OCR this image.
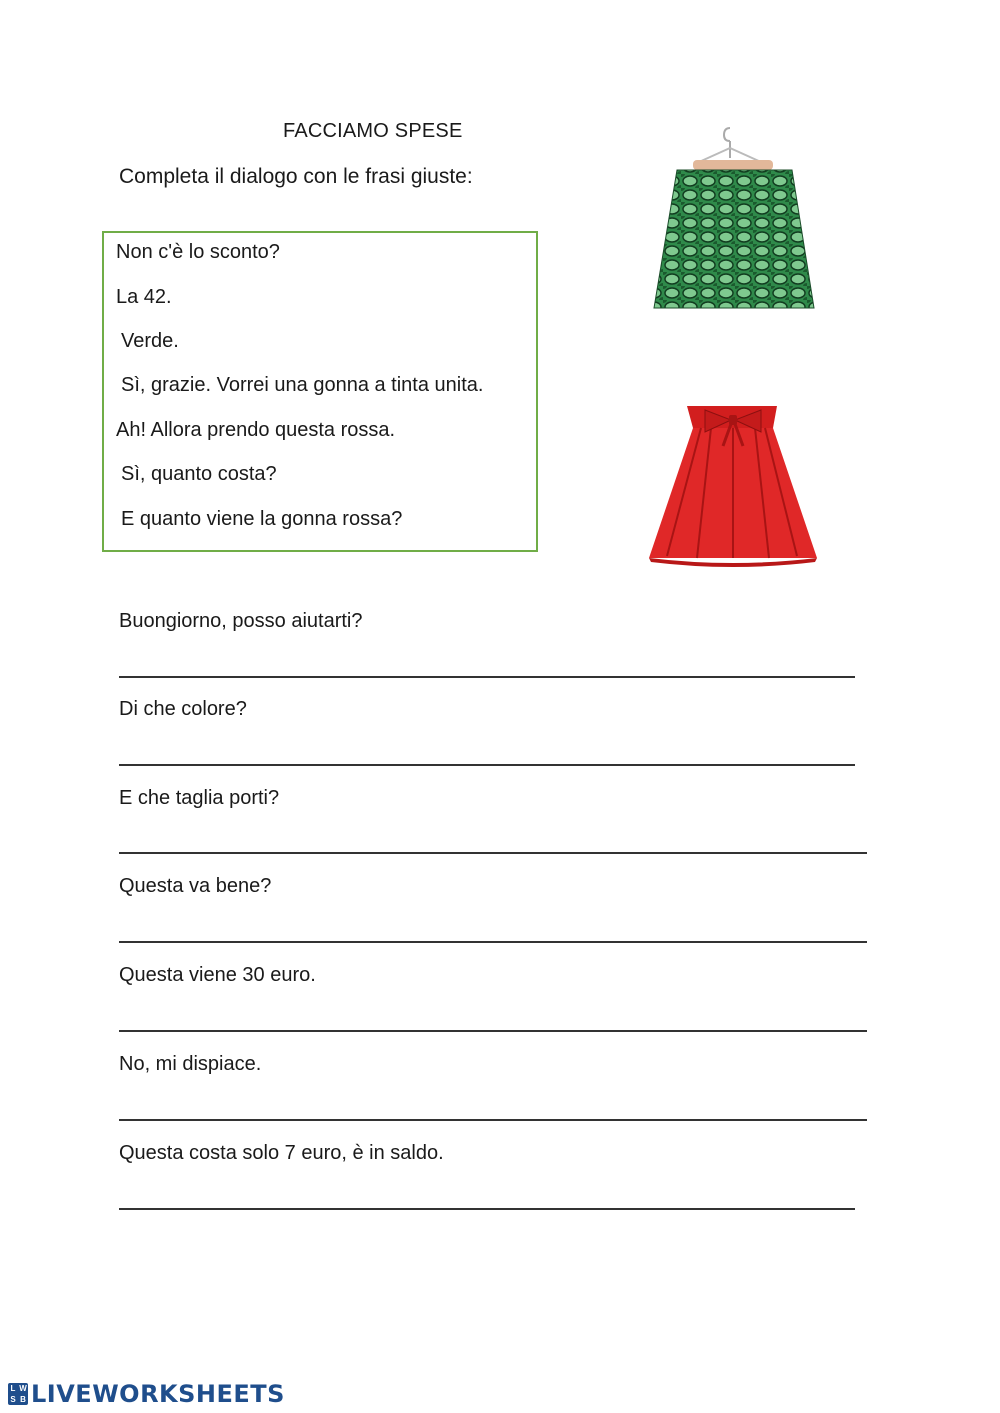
FACCIAMO SPESE
Completa il dialogo con le frasi giuste:
Non c'è lo sconto?
La 42.
Verde.
Sì, grazie. Vorrei una gonna a tinta unita.
Ah! Allora prendo questa rossa.
Sì, quanto costa?
E quanto viene la gonna rossa?
Buongiorno, posso aiutarti?
Di che colore?
E che taglia porti?
Questa va bene?
Questa viene 30 euro.
No, mi dispiace.
Questa costa solo 7 euro, è in saldo.
L W
S B LIVEWORKSHEETS
